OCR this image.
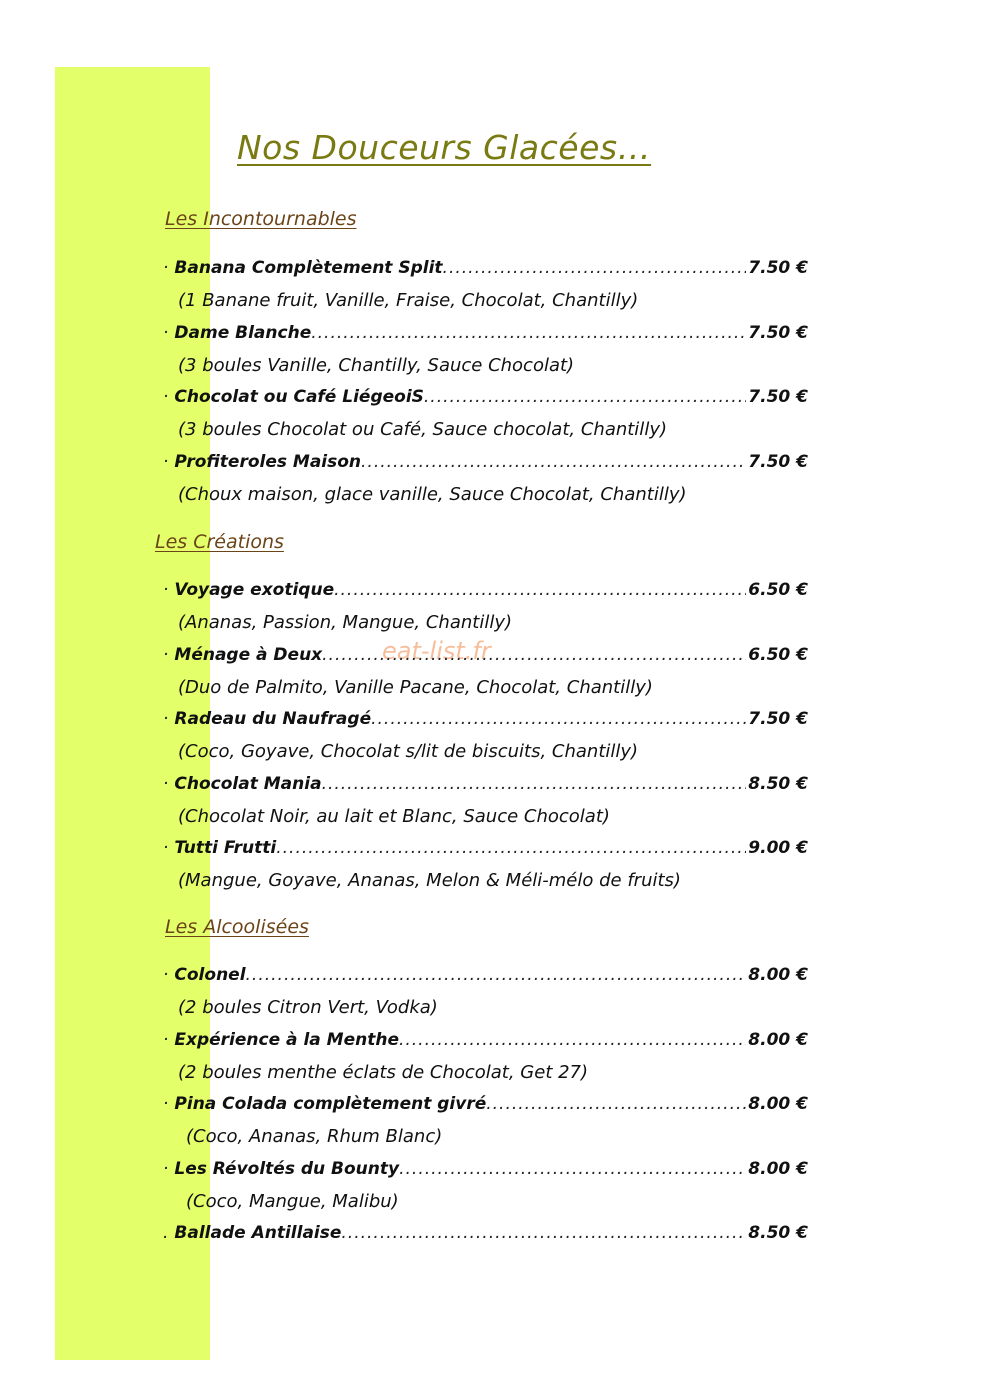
Nos Douceurs Glacées…
eat-list.fr
Les Incontournables
· Banana Complètement Split .....	7.50 €
(1 Banane fruit, Vanille, Fraise, Chocolat, Chantilly)
· Dame Blanche .....	7.50 €
(3 boules Vanille, Chantilly, Sauce Chocolat)
· Chocolat ou Café LiégeoiS .....	7.50 €
(3 boules Chocolat ou Café, Sauce chocolat, Chantilly)
· Profiteroles Maison .....	7.50 €
(Choux maison, glace vanille, Sauce Chocolat, Chantilly)
Les Créations
· Voyage exotique .....	6.50 €
(Ananas, Passion, Mangue, Chantilly)
· Ménage à Deux .....	6.50 €
(Duo de Palmito, Vanille Pacane, Chocolat, Chantilly)
· Radeau du Naufragé .....	7.50 €
(Coco, Goyave, Chocolat s/lit de biscuits, Chantilly)
· Chocolat Mania .....	8.50 €
(Chocolat Noir, au lait et Blanc, Sauce Chocolat)
· Tutti Frutti .....	9.00 €
(Mangue, Goyave, Ananas, Melon & Méli-mélo de fruits)
Les Alcoolisées
· Colonel .....	8.00 €
(2 boules Citron Vert, Vodka)
· Expérience à la Menthe .....	8.00 €
(2 boules menthe éclats de Chocolat, Get 27)
· Pina Colada complètement givré .....	8.00 €
(Coco, Ananas, Rhum Blanc)
· Les Révoltés du Bounty .....	8.00 €
(Coco, Mangue, Malibu)
. Ballade Antillaise .....	8.50 €
